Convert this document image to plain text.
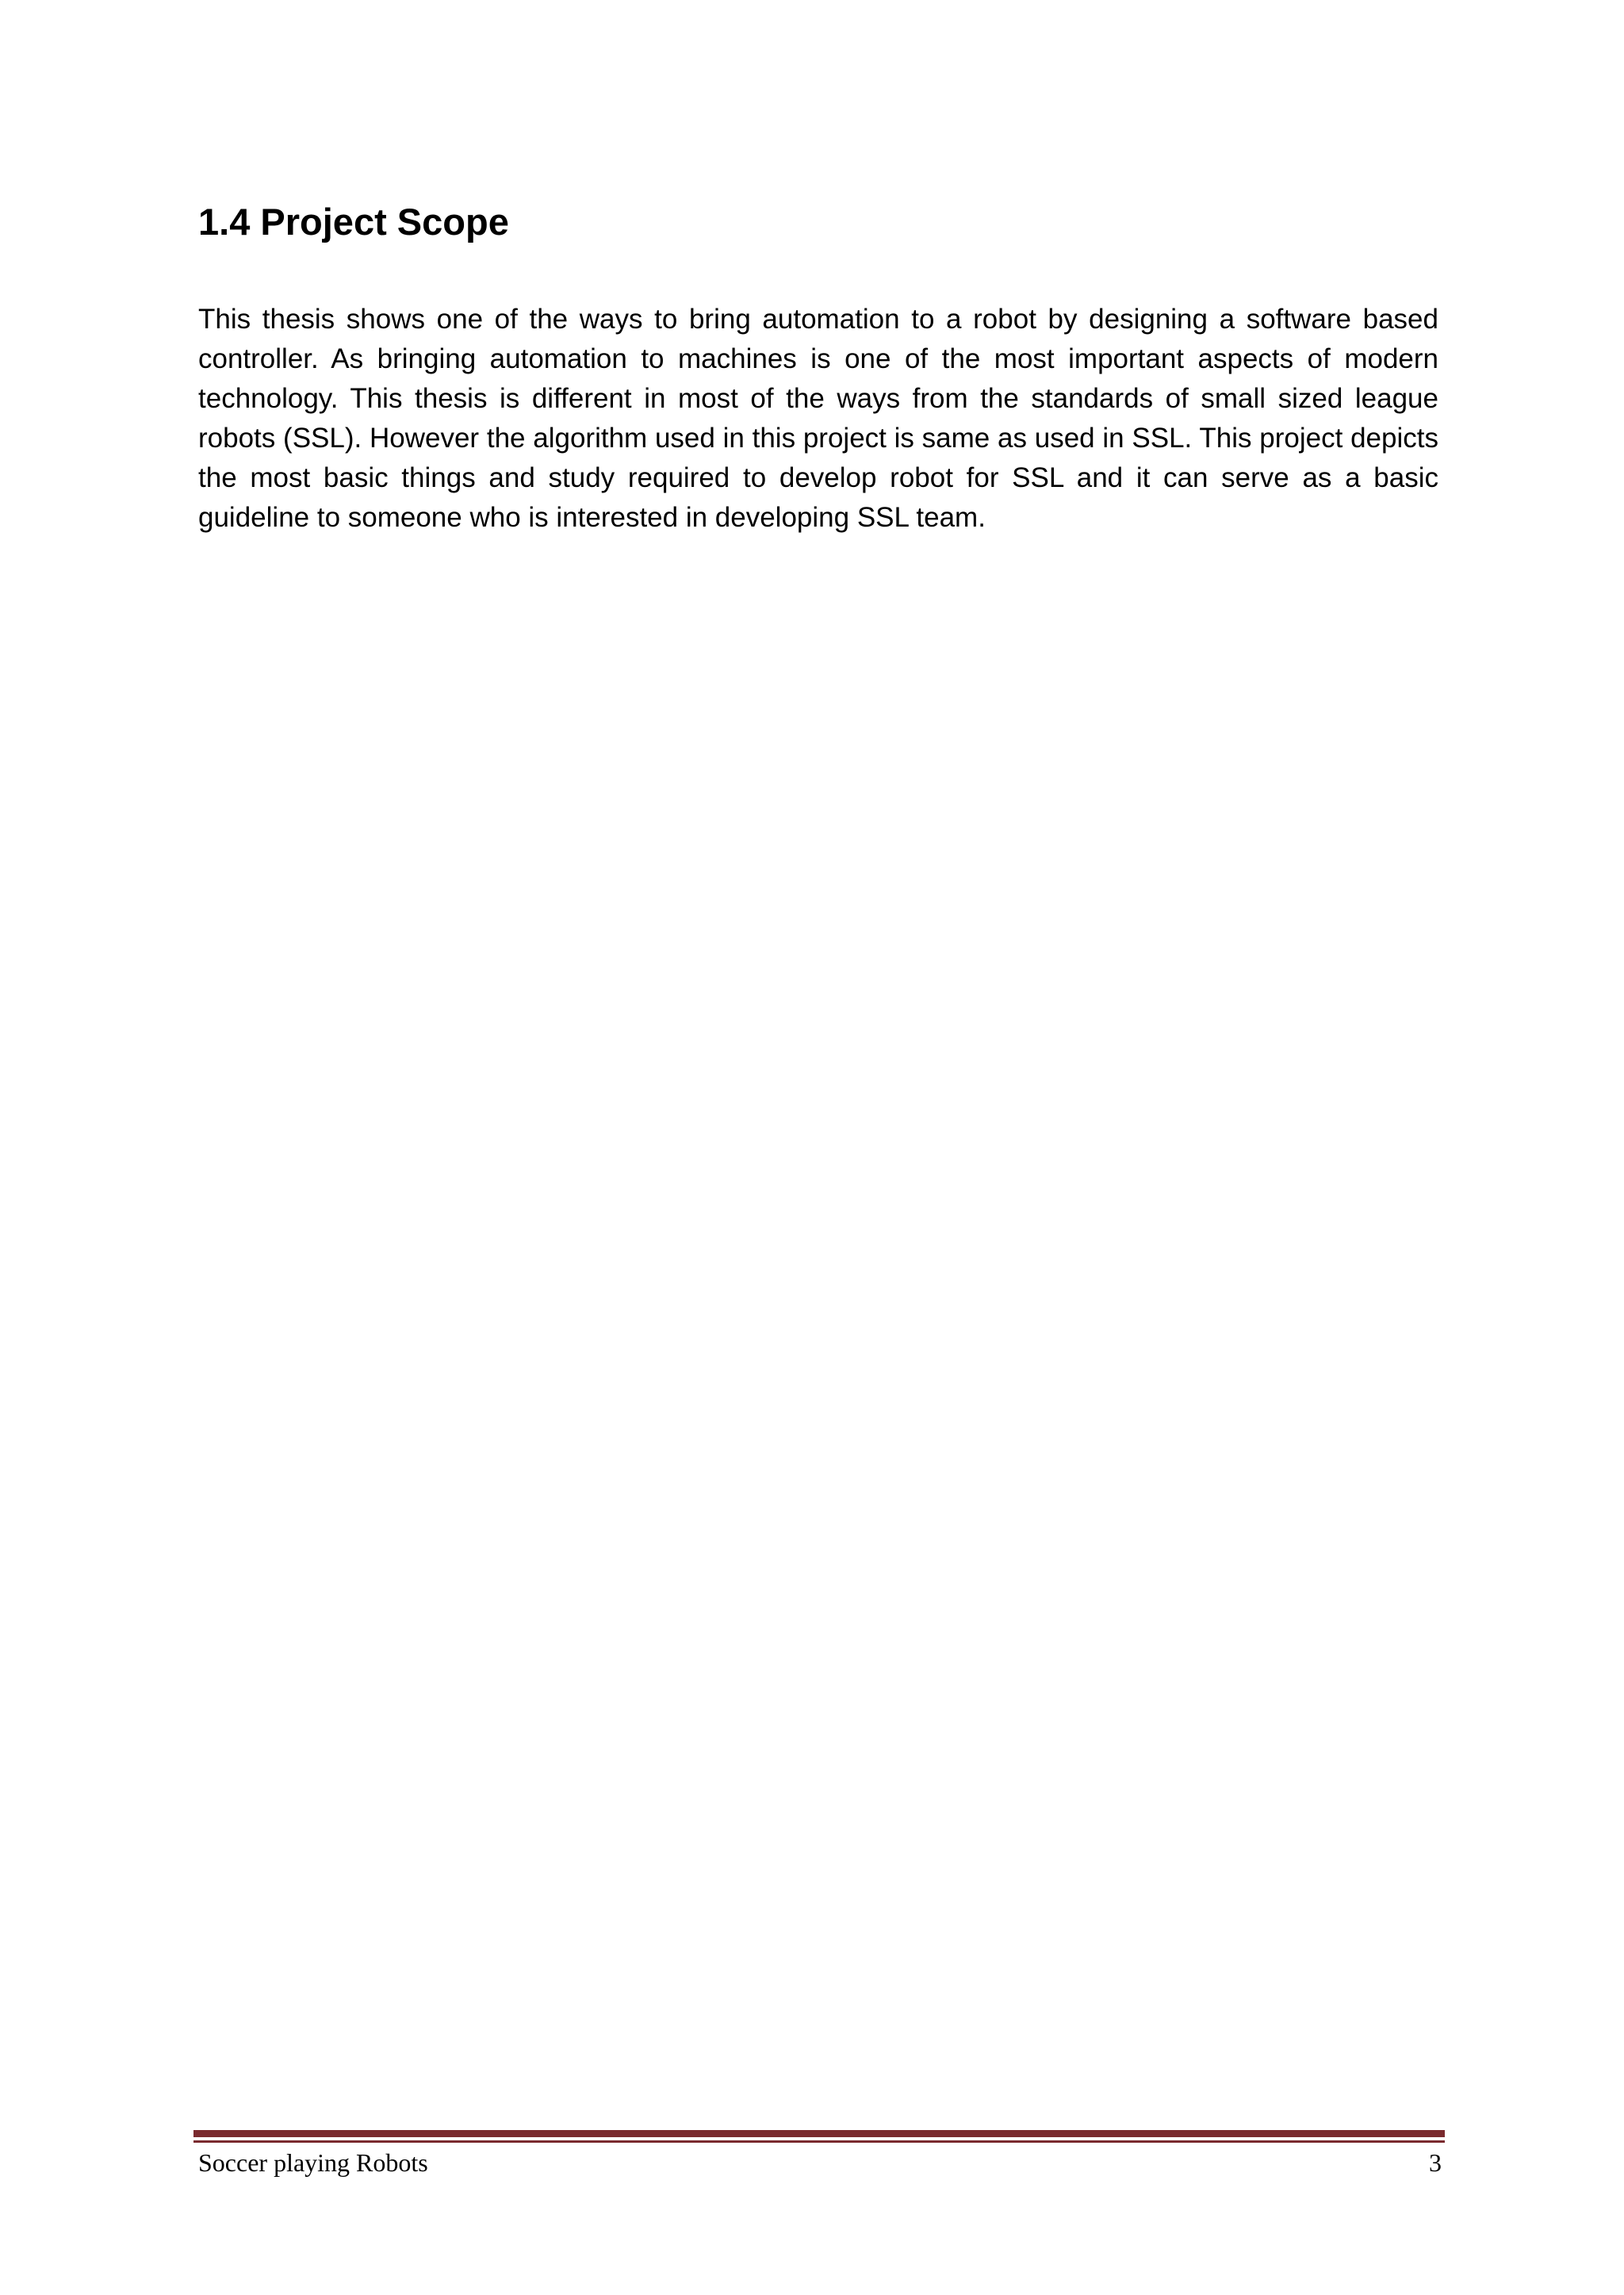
1.4 Project Scope

This thesis shows one of the ways to bring automation to a robot by designing a software based controller. As bringing automation to machines is one of the most important aspects of modern technology. This thesis is different in most of the ways from the standards of small sized league robots (SSL). However the algorithm used in this project is same as used in SSL. This project depicts the most basic things and study required to develop robot for SSL and it can serve as a basic guideline to someone who is interested in developing SSL team.

Soccer playing Robots	3
